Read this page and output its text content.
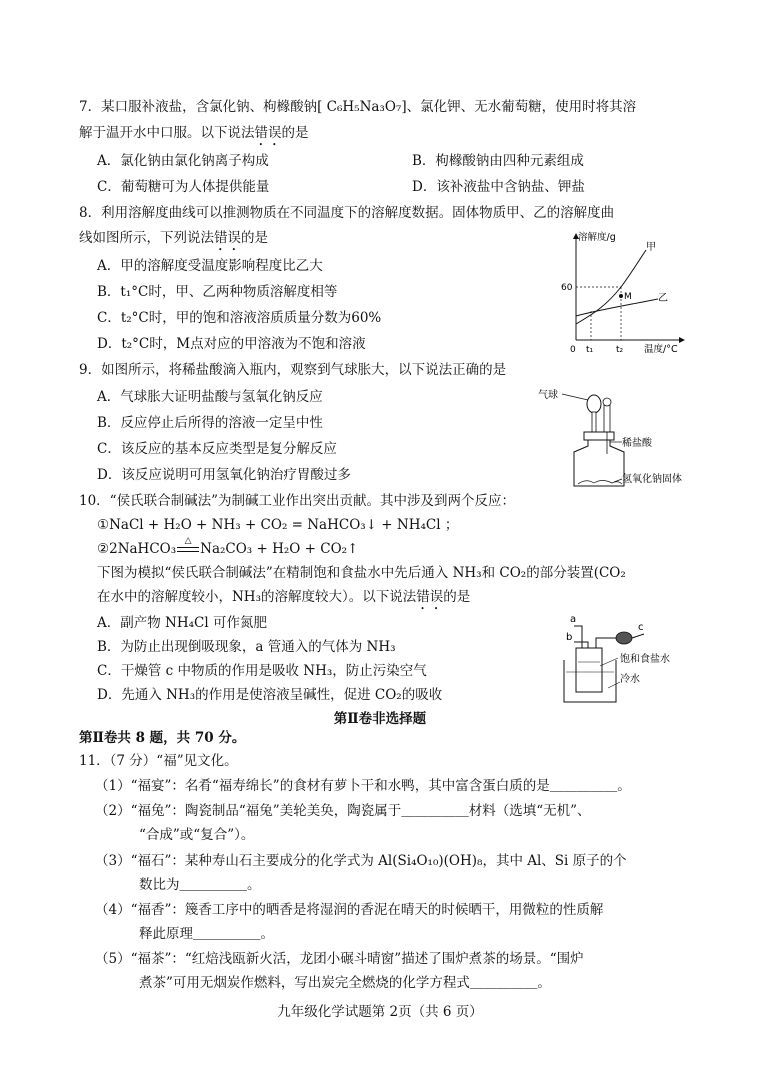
7．某口服补液盐，含氯化钠、枸橼酸钠[ C₆H₅Na₃O₇]、氯化钾、无水葡萄糖，使用时将其溶
解于温开水中口服。以下说法错误的是
A．氯化钠由氯化钠离子构成	B．枸橼酸钠由四种元素组成
C．葡萄糖可为人体提供能量	D．该补液盐中含钠盐、钾盐
8．利用溶解度曲线可以推测物质在不同温度下的溶解度数据。固体物质甲、乙的溶解度曲
线如图所示，下列说法错误的是
A．甲的溶解度受温度影响程度比乙大
B．t₁°C时，甲、乙两种物质溶解度相等
C．t₂°C时，甲的饱和溶液溶质质量分数为60%
D．t₂°C时，M点对应的甲溶液为不饱和溶液
溶解度/g
温度/°C
60
0 t₁	t₂
M
甲
乙
9．如图所示，将稀盐酸滴入瓶内，观察到气球胀大，以下说法正确的是
A．气球胀大证明盐酸与氢氧化钠反应
B．反应停止后所得的溶液一定呈中性
C．该反应的基本反应类型是复分解反应
D．该反应说明可用氢氧化钠治疗胃酸过多
气球
稀盐酸
氢氧化钠固体
10．“侯氏联合制碱法”为制碱工业作出突出贡献。其中涉及到两个反应：
①NaCl + H₂O + NH₃ + CO₂ = NaHCO₃↓ + NH₄Cl ；
②2NaHCO₃ △ Na₂CO₃ + H₂O + CO₂↑
下图为模拟“侯氏联合制碱法”在精制饱和食盐水中先后通入 NH₃和 CO₂的部分装置(CO₂
在水中的溶解度较小，NH₃的溶解度较大）。以下说法错误的是
A．副产物 NH₄Cl 可作氮肥
B．为防止出现倒吸现象，a 管通入的气体为 NH₃
C．干燥管 c 中物质的作用是吸收 NH₃，防止污染空气
D．先通入 NH₃的作用是使溶液呈碱性，促进 CO₂的吸收
a
b
c
饱和食盐水
冷水
第Ⅱ卷非选择题
第Ⅱ卷共 8 题，共 70 分。
11．（7 分）“福”见文化。
（1）“福宴”：名肴“福寿绵长”的食材有萝卜干和水鸭，其中富含蛋白质的是＿＿＿＿＿。
（2）“福兔”：陶瓷制品“福兔”美轮美奂，陶瓷属于＿＿＿＿＿材料（选填“无机”、
“合成”或“复合”）。
（3）“福石”：某种寿山石主要成分的化学式为 Al(Si₄O₁₀)(OH)₈，其中 Al、Si 原子的个
数比为＿＿＿＿＿。
（4）“福香”：篾香工序中的晒香是将湿润的香泥在晴天的时候晒干，用微粒的性质解
释此原理＿＿＿＿＿。
（5）“福茶”：“红焙浅瓯新火活，龙团小碾斗晴窗”描述了围炉煮茶的场景。“围炉
煮茶”可用无烟炭作燃料，写出炭完全燃烧的化学方程式＿＿＿＿＿。
九年级化学试题第 2页（共 6 页）
